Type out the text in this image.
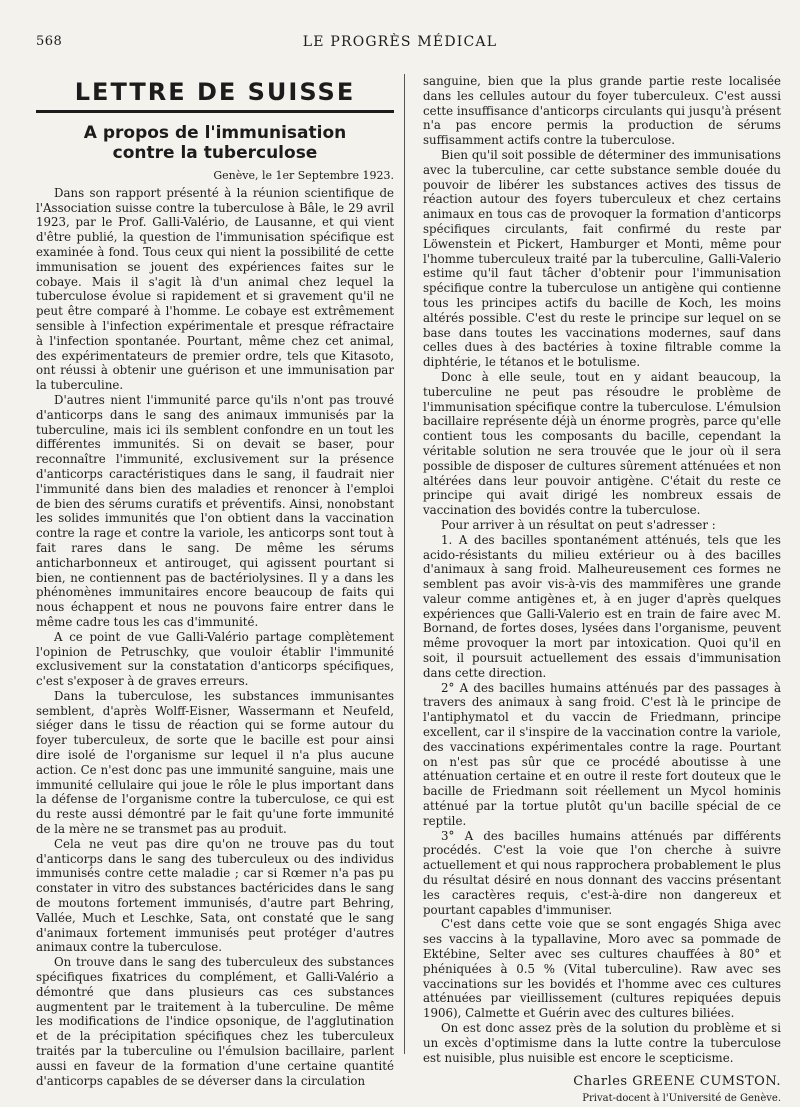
568	LE PROGRÈS MÉDICAL
LETTRE DE SUISSE
A propos de l'immunisation
contre la tuberculose
Genève, le 1er Septembre 1923.

Dans son rapport présenté à la réunion scientifique de l'Association suisse contre la tuberculose à Bâle, le 29 avril 1923, par le Prof. Galli-Valério, de Lausanne, et qui vient d'être publié, la question de l'immunisation spécifique est examinée à fond. Tous ceux qui nient la possibilité de cette immunisation se jouent des expériences faites sur le cobaye. Mais il s'agit là d'un animal chez lequel la tuberculose évolue si rapidement et si gravement qu'il ne peut être comparé à l'homme. Le cobaye est extrêmement sensible à l'infection expérimentale et presque réfractaire à l'infection spontanée. Pourtant, même chez cet animal, des expérimentateurs de premier ordre, tels que Kitasoto, ont réussi à obtenir une guérison et une immunisation par la tuberculine.

D'autres nient l'immunité parce qu'ils n'ont pas trouvé d'anticorps dans le sang des animaux immunisés par la tuberculine, mais ici ils semblent confondre en un tout les différentes immunités. Si on devait se baser, pour reconnaître l'immunité, exclusivement sur la présence d'anticorps caractéristiques dans le sang, il faudrait nier l'immunité dans bien des maladies et renoncer à l'emploi de bien des sérums curatifs et préventifs. Ainsi, nonobstant les solides immunités que l'on obtient dans la vaccination contre la rage et contre la variole, les anticorps sont tout à fait rares dans le sang. De même les sérums anticharbonneux et antirouget, qui agissent pourtant si bien, ne contiennent pas de bactériolysines. Il y a dans les phénomènes immunitaires encore beaucoup de faits qui nous échappent et nous ne pouvons faire entrer dans le même cadre tous les cas d'immunité.

A ce point de vue Galli-Valério partage complètement l'opinion de Petruschky, que vouloir établir l'immunité exclusivement sur la constatation d'anticorps spécifiques, c'est s'exposer à de graves erreurs.

Dans la tuberculose, les substances immunisantes semblent, d'après Wolff-Eisner, Wassermann et Neufeld, siéger dans le tissu de réaction qui se forme autour du foyer tuberculeux, de sorte que le bacille est pour ainsi dire isolé de l'organisme sur lequel il n'a plus aucune action. Ce n'est donc pas une immunité sanguine, mais une immunité cellulaire qui joue le rôle le plus important dans la défense de l'organisme contre la tuberculose, ce qui est du reste aussi démontré par le fait qu'une forte immunité de la mère ne se transmet pas au produit.

Cela ne veut pas dire qu'on ne trouve pas du tout d'anticorps dans le sang des tuberculeux ou des individus immunisés contre cette maladie ; car si Rœmer n'a pas pu constater in vitro des substances bactéricides dans le sang de moutons fortement immunisés, d'autre part Behring, Vallée, Much et Leschke, Sata, ont constaté que le sang d'animaux fortement immunisés peut protéger d'autres animaux contre la tuberculose.

On trouve dans le sang des tuberculeux des substances spécifiques fixatrices du complément, et Galli-Valério a démontré que dans plusieurs cas ces substances augmentent par le traitement à la tuberculine. De même les modifications de l'indice opsonique, de l'agglutination et de la précipitation spécifiques chez les tuberculeux traités par la tuberculine ou l'émulsion bacillaire, parlent aussi en faveur de la formation d'une certaine quantité d'anticorps capables de se déverser dans la circulation

sanguine, bien que la plus grande partie reste localisée dans les cellules autour du foyer tuberculeux. C'est aussi cette insuffisance d'anticorps circulants qui jusqu'à présent n'a pas encore permis la production de sérums suffisamment actifs contre la tuberculose.

Bien qu'il soit possible de déterminer des immunisations avec la tuberculine, car cette substance semble douée du pouvoir de libérer les substances actives des tissus de réaction autour des foyers tuberculeux et chez certains animaux en tous cas de provoquer la formation d'anticorps spécifiques circulants, fait confirmé du reste par Löwenstein et Pickert, Hamburger et Monti, même pour l'homme tuberculeux traité par la tuberculine, Galli-Valerio estime qu'il faut tâcher d'obtenir pour l'immunisation spécifique contre la tuberculose un antigène qui contienne tous les principes actifs du bacille de Koch, les moins altérés possible. C'est du reste le principe sur lequel on se base dans toutes les vaccinations modernes, sauf dans celles dues à des bactéries à toxine filtrable comme la diphtérie, le tétanos et le botulisme.

Donc à elle seule, tout en y aidant beaucoup, la tuberculine ne peut pas résoudre le problème de l'immunisation spécifique contre la tuberculose. L'émulsion bacillaire représente déjà un énorme progrès, parce qu'elle contient tous les composants du bacille, cependant la véritable solution ne sera trouvée que le jour où il sera possible de disposer de cultures sûrement atténuées et non altérées dans leur pouvoir antigène. C'était du reste ce principe qui avait dirigé les nombreux essais de vaccination des bovidés contre la tuberculose.

Pour arriver à un résultat on peut s'adresser :

1. A des bacilles spontanément atténués, tels que les acido-résistants du milieu extérieur ou à des bacilles d'animaux à sang froid. Malheureusement ces formes ne semblent pas avoir vis-à-vis des mammifères une grande valeur comme antigènes et, à en juger d'après quelques expériences que Galli-Valerio est en train de faire avec M. Bornand, de fortes doses, lysées dans l'organisme, peuvent même provoquer la mort par intoxication. Quoi qu'il en soit, il poursuit actuellement des essais d'immunisation dans cette direction.

2° A des bacilles humains atténués par des passages à travers des animaux à sang froid. C'est là le principe de l'antiphymatol et du vaccin de Friedmann, principe excellent, car il s'inspire de la vaccination contre la variole, des vaccinations expérimentales contre la rage. Pourtant on n'est pas sûr que ce procédé aboutisse à une atténuation certaine et en outre il reste fort douteux que le bacille de Friedmann soit réellement un Mycol hominis atténué par la tortue plutôt qu'un bacille spécial de ce reptile.

3° A des bacilles humains atténués par différents procédés. C'est la voie que l'on cherche à suivre actuellement et qui nous rapprochera probablement le plus du résultat désiré en nous donnant des vaccins présentant les caractères requis, c'est-à-dire non dangereux et pourtant capables d'immuniser.

C'est dans cette voie que se sont engagés Shiga avec ses vaccins à la typallavine, Moro avec sa pommade de Ektébine, Selter avec ses cultures chauffées à 80° et phéniquées à 0.5 % (Vital tuberculine). Raw avec ses vaccinations sur les bovidés et l'homme avec ces cultures atténuées par vieillissement (cultures repiquées depuis 1906), Calmette et Guérin avec des cultures biliées.

On est donc assez près de la solution du problème et si un excès d'optimisme dans la lutte contre la tuberculose est nuisible, plus nuisible est encore le scepticisme.

Charles GREENE CUMSTON.
Privat-docent à l'Université de Genève.
